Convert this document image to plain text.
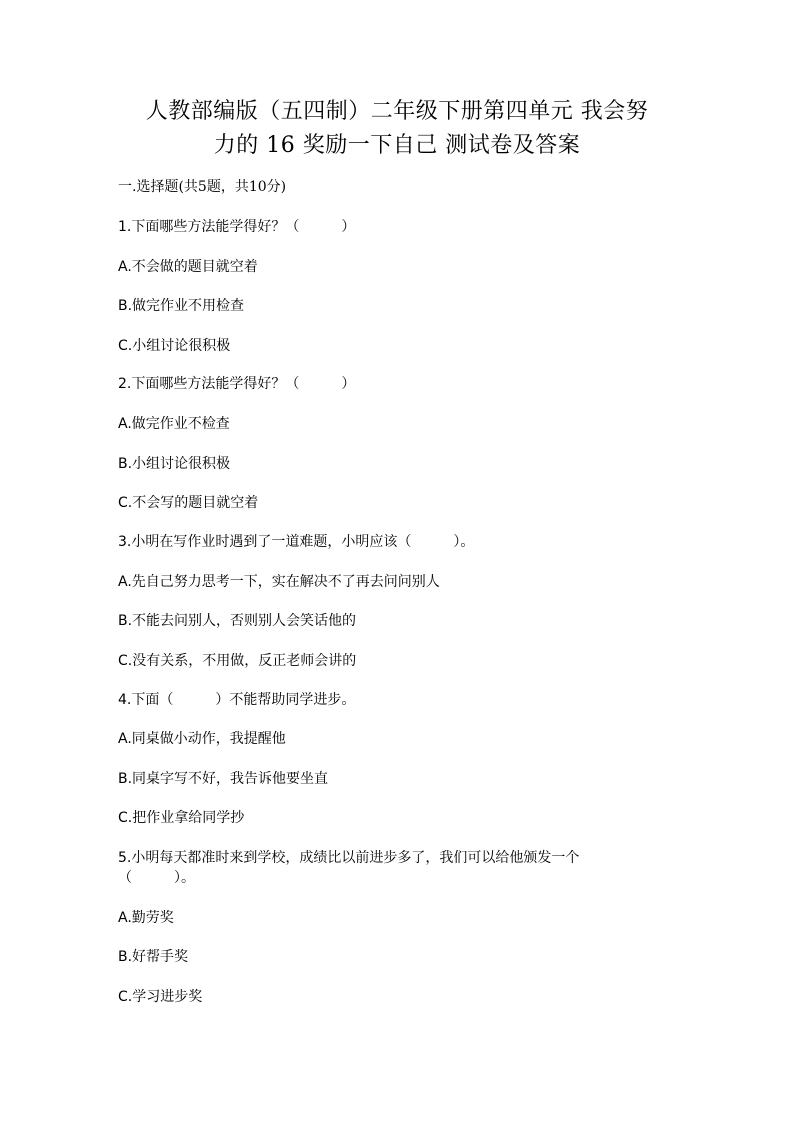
人教部编版（五四制）二年级下册第四单元 我会努
力的 16 奖励一下自己 测试卷及答案
一.选择题(共5题，共10分)
1.下面哪些方法能学得好？（　　　）
A.不会做的题目就空着
B.做完作业不用检查
C.小组讨论很积极
2.下面哪些方法能学得好？（　　　）
A.做完作业不检查
B.小组讨论很积极
C.不会写的题目就空着
3.小明在写作业时遇到了一道难题，小明应该（　　　）。
A.先自己努力思考一下，实在解决不了再去问问别人
B.不能去问别人，否则别人会笑话他的
C.没有关系，不用做，反正老师会讲的
4.下面（　　　）不能帮助同学进步。
A.同桌做小动作，我提醒他
B.同桌字写不好，我告诉他要坐直
C.把作业拿给同学抄
5.小明每天都准时来到学校，成绩比以前进步多了，我们可以给他颁发一个
（　　　）。
A.勤劳奖
B.好帮手奖
C.学习进步奖
